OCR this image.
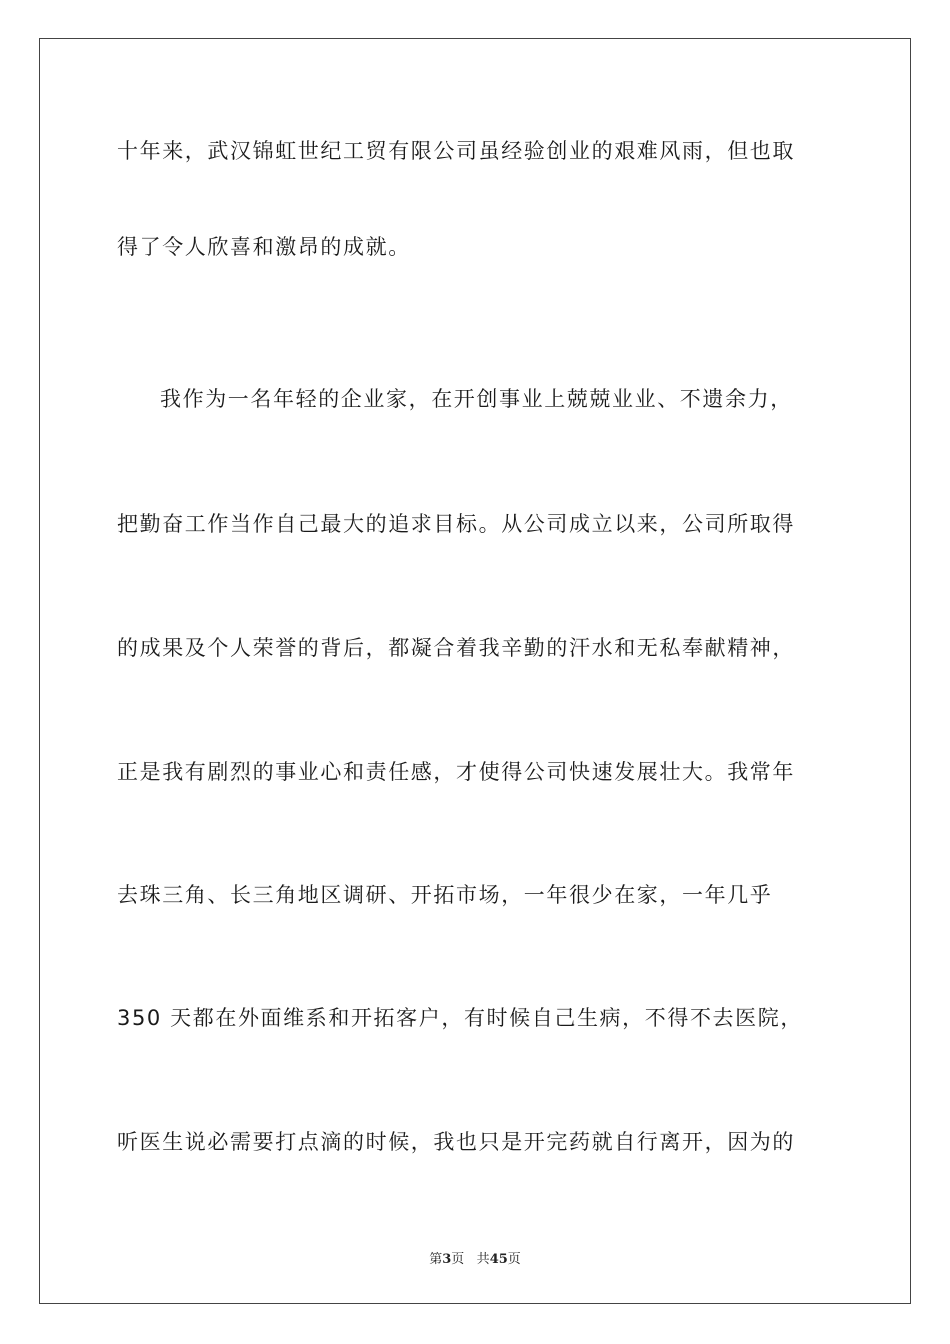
十年来，武汉锦虹世纪工贸有限公司虽经验创业的艰难风雨，但也取
得了令人欣喜和激昂的成就。
我作为一名年轻的企业家，在开创事业上兢兢业业、不遗余力，
把勤奋工作当作自己最大的追求目标。从公司成立以来，公司所取得
的成果及个人荣誉的背后，都凝合着我辛勤的汗水和无私奉献精神，
正是我有剧烈的事业心和责任感，才使得公司快速发展壮大。我常年
去珠三角、长三角地区调研、开拓市场，一年很少在家，一年几乎
350 天都在外面维系和开拓客户，有时候自己生病，不得不去医院，
听医生说必需要打点滴的时候，我也只是开完药就自行离开，因为的
第3页 共45页
